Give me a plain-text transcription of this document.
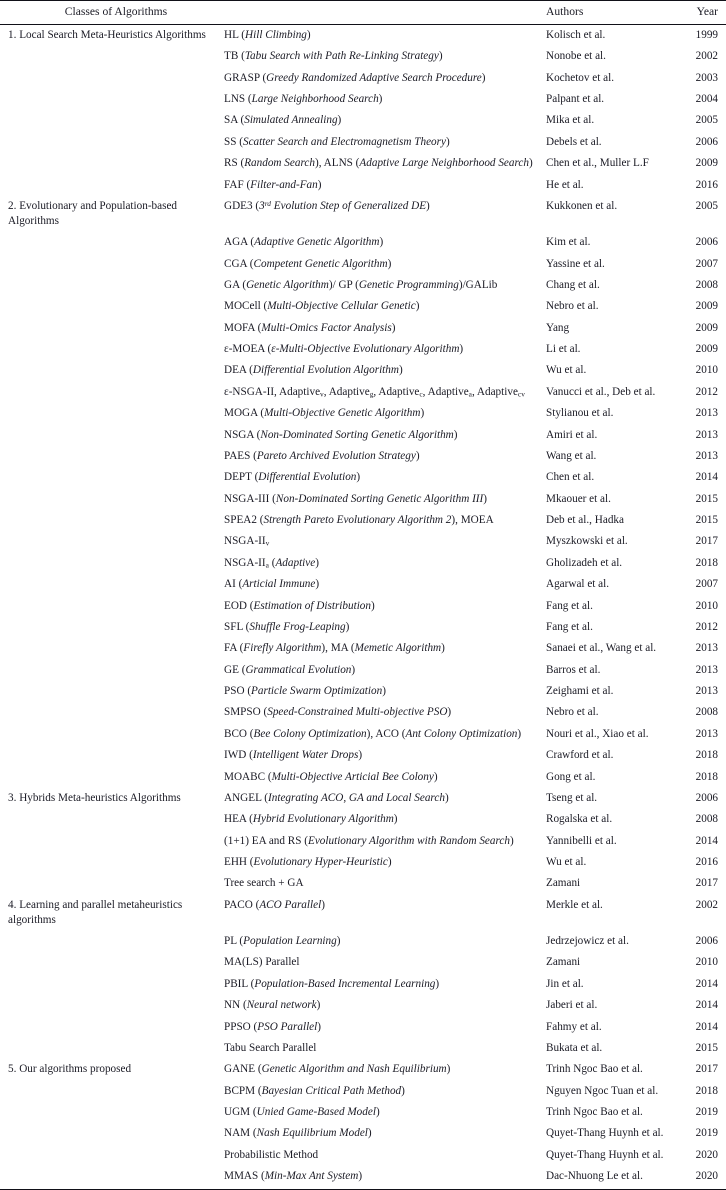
Classes of Algorithms		Authors	Year
1. Local Search Meta-Heuristics Algorithms	HL (Hill Climbing)	Kolisch et al.	1999
	TB (Tabu Search with Path Re-Linking Strategy)	Nonobe et al.	2002
	GRASP (Greedy Randomized Adaptive Search Procedure)	Kochetov et al.	2003
	LNS (Large Neighborhood Search)	Palpant et al.	2004
	SA (Simulated Annealing)	Mika et al.	2005
	SS (Scatter Search and Electromagnetism Theory)	Debels et al.	2006
	RS (Random Search), ALNS (Adaptive Large Neighborhood Search)	Chen et al., Muller L.F	2009
	FAF (Filter-and-Fan)	He et al.	2016
2. Evolutionary and Population-based Algorithms	GDE3 (3rd Evolution Step of Generalized DE)	Kukkonen et al.	2005
	AGA (Adaptive Genetic Algorithm)	Kim et al.	2006
	CGA (Competent Genetic Algorithm)	Yassine et al.	2007
	GA (Genetic Algorithm)/ GP (Genetic Programming)/GALib	Chang et al.	2008
	MOCell (Multi-Objective Cellular Genetic)	Nebro et al.	2009
	MOFA (Multi-Omics Factor Analysis)	Yang	2009
	ε-MOEA (ε-Multi-Objective Evolutionary Algorithm)	Li et al.	2009
	DEA (Differential Evolution Algorithm)	Wu et al.	2010
	ε-NSGA-II, Adaptive$_v$, Adaptive$_g$, Adaptive$_c$, Adaptive$_a$, Adaptive$_{cv}$	Vanucci et al., Deb et al.	2012
	MOGA (Multi-Objective Genetic Algorithm)	Stylianou et al.	2013
	NSGA (Non-Dominated Sorting Genetic Algorithm)	Amiri et al.	2013
	PAES (Pareto Archived Evolution Strategy)	Wang et al.	2013
	DEPT (Differential Evolution)	Chen et al.	2014
	NSGA-III (Non-Dominated Sorting Genetic Algorithm III)	Mkaouer et al.	2015
	SPEA2 (Strength Pareto Evolutionary Algorithm 2), MOEA	Deb et al., Hadka	2015
	NSGA-$II_v$	Myszkowski et al.	2017
	NSGA-$II_a$ (Adaptive)	Gholizadeh et al.	2018
	AI (Articial Immune)	Agarwal et al.	2007
	EOD (Estimation of Distribution)	Fang et al.	2010
	SFL (Shuffle Frog-Leaping)	Fang et al.	2012
	FA (Firefly Algorithm), MA (Memetic Algorithm)	Sanaei et al., Wang et al.	2013
	GE (Grammatical Evolution)	Barros et al.	2013
	PSO (Particle Swarm Optimization)	Zeighami et al.	2013
	SMPSO (Speed-Constrained Multi-objective PSO)	Nebro et al.	2008
	BCO (Bee Colony Optimization), ACO (Ant Colony Optimization)	Nouri et al., Xiao et al.	2013
	IWD (Intelligent Water Drops)	Crawford et al.	2018
	MOABC (Multi-Objective Articial Bee Colony)	Gong et al.	2018
3. Hybrids Meta-heuristics Algorithms	ANGEL (Integrating ACO, GA and Local Search)	Tseng et al.	2006
	HEA (Hybrid Evolutionary Algorithm)	Rogalska et al.	2008
	(1+1) EA and RS (Evolutionary Algorithm with Random Search)	Yannibelli et al.	2014
	EHH (Evolutionary Hyper-Heuristic)	Wu et al.	2016
	Tree search + GA	Zamani	2017
4. Learning and parallel metaheuristics algorithms	PACO (ACO Parallel)	Merkle et al.	2002
	PL (Population Learning)	Jedrzejowicz et al.	2006
	MA(LS) Parallel	Zamani	2010
	PBIL (Population-Based Incremental Learning)	Jin et al.	2014
	NN (Neural network)	Jaberi et al.	2014
	PPSO (PSO Parallel)	Fahmy et al.	2014
	Tabu Search Parallel	Bukata et al.	2015
5. Our algorithms proposed	GANE (Genetic Algorithm and Nash Equilibrium)	Trinh Ngoc Bao et al.	2017
	BCPM (Bayesian Critical Path Method)	Nguyen Ngoc Tuan et al.	2018
	UGM (Unied Game-Based Model)	Trinh Ngoc Bao et al.	2019
	NAM (Nash Equilibrium Model)	Quyet-Thang Huynh et al.	2019
	Probabilistic Method	Quyet-Thang Huynh et al.	2020
	MMAS (Min-Max Ant System)	Dac-Nhuong Le et al.	2020
